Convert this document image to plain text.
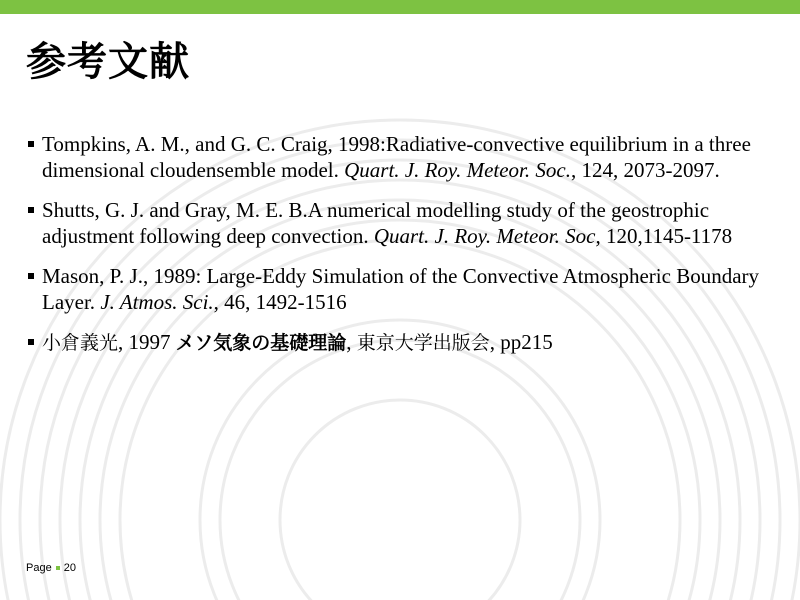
参考文献
Tompkins, A. M., and G. C. Craig, 1998:Radiative-convective equilibrium in a three dimensional cloudensemble model. Quart. J. Roy. Meteor. Soc., 124, 2073-2097.
Shutts, G. J. and Gray, M. E. B.A numerical modelling study of the geostrophic adjustment following deep convection. Quart. J. Roy. Meteor. Soc, 120,1145-1178
Mason, P. J., 1989: Large-Eddy Simulation of the Convective Atmospheric Boundary Layer. J. Atmos. Sci., 46, 1492-1516
小倉義光, 1997 メソ気象の基礎理論, 東京大学出版会, pp215
Page 20
